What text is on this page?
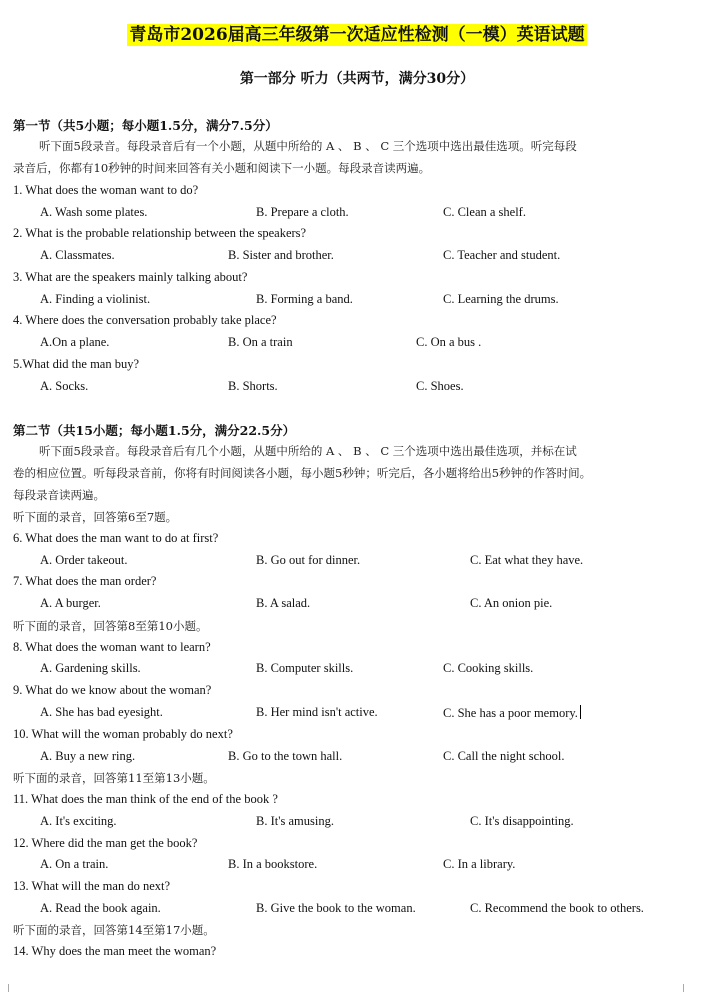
青岛市2026届高三年级第一次适应性检测（一模）英语试题
第一部分 听力（共两节，满分30分）
第一节（共5小题；每小题1.5分，满分7.5分）
听下面5段录音。每段录音后有一个小题，从题中所给的 A 、 B 、 C 三个选项中选出最佳选项。听完每段
录音后，你都有10秒钟的时间来回答有关小题和阅读下一小题。每段录音读两遍。
1. What does the woman want to do?
A. Wash some plates.	B. Prepare a cloth.	C. Clean a shelf.
2. What is the probable relationship between the speakers?
A. Classmates.	B. Sister and brother.	C. Teacher and student.
3. What are the speakers mainly talking about?
A. Finding a violinist.	B. Forming a band.	C. Learning the drums.
4. Where does the conversation probably take place?
A.On a plane.	B. On a train	C. On a bus .
5.What did the man buy?
A. Socks.	B. Shorts.	C. Shoes.
第二节（共15小题；每小题1.5分，满分22.5分）
听下面5段录音。每段录音后有几个小题，从题中所给的 A 、 B 、 C 三个选项中选出最佳选项，并标在试
卷的相应位置。听每段录音前，你将有时间阅读各小题，每小题5秒钟；听完后，各小题将给出5秒钟的作答时间。
每段录音读两遍。
听下面的录音，回答第6至7题。
6. What does the man want to do at first?
A. Order takeout.	B. Go out for dinner.	C. Eat what they have.
7. What does the man order?
A. A burger.	B. A salad.	C. An onion pie.
听下面的录音，回答第8至第10小题。
8. What does the woman want to learn?
A. Gardening skills.	B. Computer skills.	C. Cooking skills.
9. What do we know about the woman?
A. She has bad eyesight.	B. Her mind isn't active.	C. She has a poor memory.
10. What will the woman probably do next?
A. Buy a new ring.	B. Go to the town hall.	C. Call the night school.
听下面的录音，回答第11至第13小题。
11. What does the man think of the end of the book ?
A. It's exciting.	B. It's amusing.	C. It's disappointing.
12. Where did the man get the book?
A. On a train.	B. In a bookstore.	C. In a library.
13. What will the man do next?
A. Read the book again.	B. Give the book to the woman.	C. Recommend the book to others.
听下面的录音，回答第14至第17小题。
14. Why does the man meet the woman?
